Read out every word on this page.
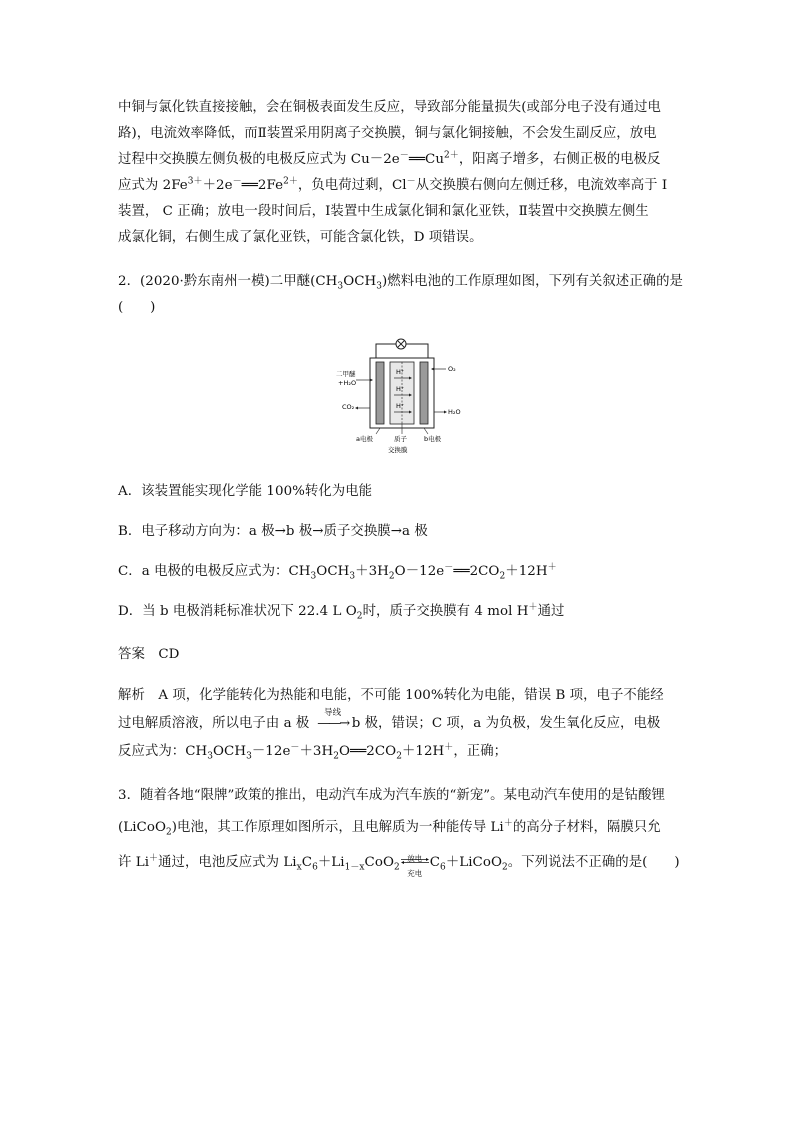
中铜与氯化铁直接接触，会在铜极表面发生反应，导致部分能量损失(或部分电子没有通过电
路)，电流效率降低，而Ⅱ装置采用阴离子交换膜，铜与氯化铜接触，不会发生副反应，放电
过程中交换膜左侧负极的电极反应式为 $Cu-2e^-══Cu^{2+}$，阳离子增多，右侧正极的电极反
应式为 $2Fe^{3+}+2e^-══2Fe^{2+}$，负电荷过剩，Cl－从交换膜右侧向左侧迁移，电流效率高于 Ⅰ
装置， C 正确；放电一段时间后，Ⅰ装置中生成氯化铜和氯化亚铁，Ⅱ装置中交换膜左侧生
成氯化铜，右侧生成了氯化亚铁，可能含氯化铁，D 项错误。
2．(2020·黔东南州一模)二甲醚$(CH_3OCH_3)$燃料电池的工作原理如图，下列有关叙述正确的是
(　　)
H⁺
H⁺
H⁺
二甲醚
+H₂O
CO₂
O₂
H₂O
a电极	质子
交换膜
b电极
A．该装置能实现化学能 100%转化为电能
B．电子移动方向为：a 极→b 极→质子交换膜→a 极
C．a 电极的电极反应式为：$CH_3OCH_3+3H_2O-12e^-══2CO_2+12H^+$
D．当 b 电极消耗标准状况下 22.4 L $O_2$时，质子交换膜有 4 mol H＋通过
答案　CD
解析　A 项，化学能转化为热能和电能，不可能 100%转化为电能，错误 B 项，电子不能经
过电解质溶液，所以电子由 a 极
导线
——→ b 极，错误；C 项，a 为负极，发生氧化反应，电极
反应式为：$CH_3OCH_3-12e^-+3H_2O══2CO_2+12H^+$，正确；
3．随着各地“限牌”政策的推出，电动汽车成为汽车族的“新宠”。某电动汽车使用的是钴酸锂
(LiCoO$_2$)电池，其工作原理如图所示，且电解质为一种能传导 Li＋的高分子材料，隔膜只允
许 Li＋通过，电池反应式为 $Li_xC_6+Li_{1-x}CoO_2$
放电
充电
$C_6+LiCoO_2$。下列说法不正确的是(　　)
